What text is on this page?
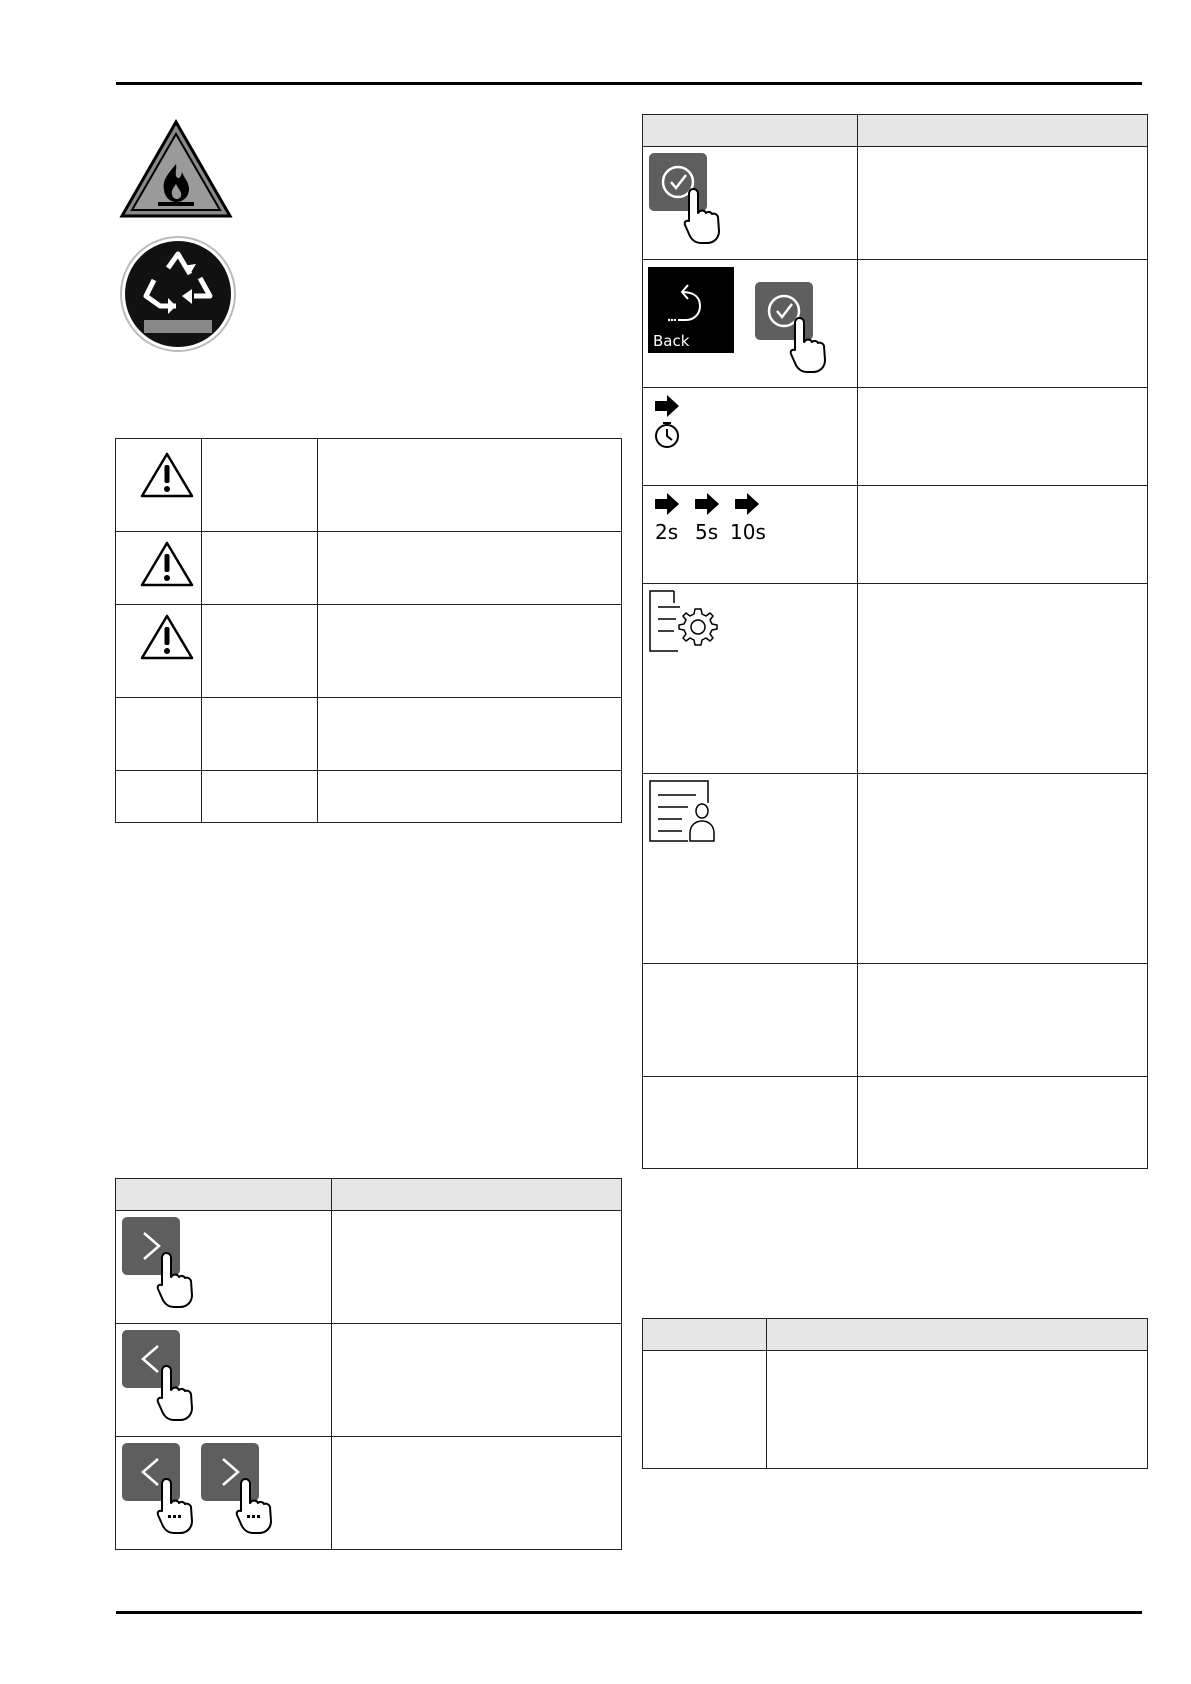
Back	

2s 5s 10s	
